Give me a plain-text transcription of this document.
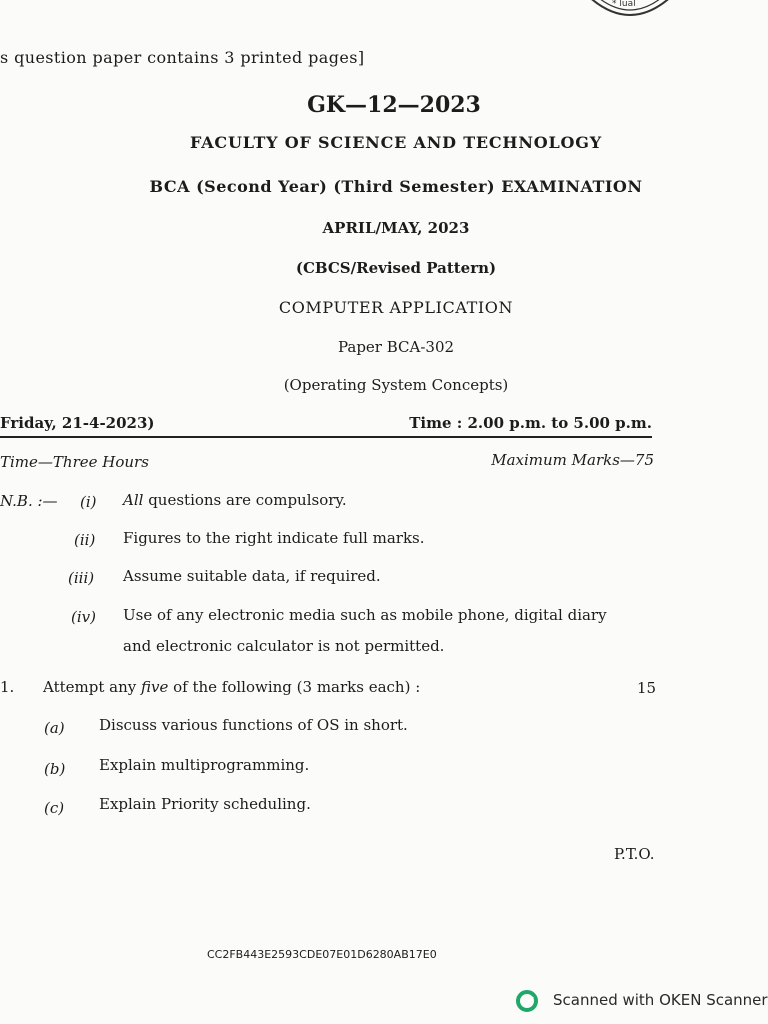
* lual
s question paper contains 3 printed pages]
GK—12—2023
FACULTY OF SCIENCE AND TECHNOLOGY
BCA (Second Year) (Third Semester) EXAMINATION
APRIL/MAY, 2023
(CBCS/Revised Pattern)
COMPUTER APPLICATION
Paper BCA-302
(Operating System Concepts)
Friday, 21-4-2023)	Time : 2.00 p.m. to 5.00 p.m.
Time—Three Hours	Maximum Marks—75
N.B. :— (i) All questions are compulsory.
(ii) Figures to the right indicate full marks.
(iii) Assume suitable data, if required.
(iv) Use of any electronic media such as mobile phone, digital diary
and electronic calculator is not permitted.
1. Attempt any five of the following (3 marks each) :	15
(a) Discuss various functions of OS in short.
(b) Explain multiprogramming.
(c) Explain Priority scheduling.
P.T.O.
CC2FB443E2593CDE07E01D6280AB17E0
Scanned with OKEN Scanner
